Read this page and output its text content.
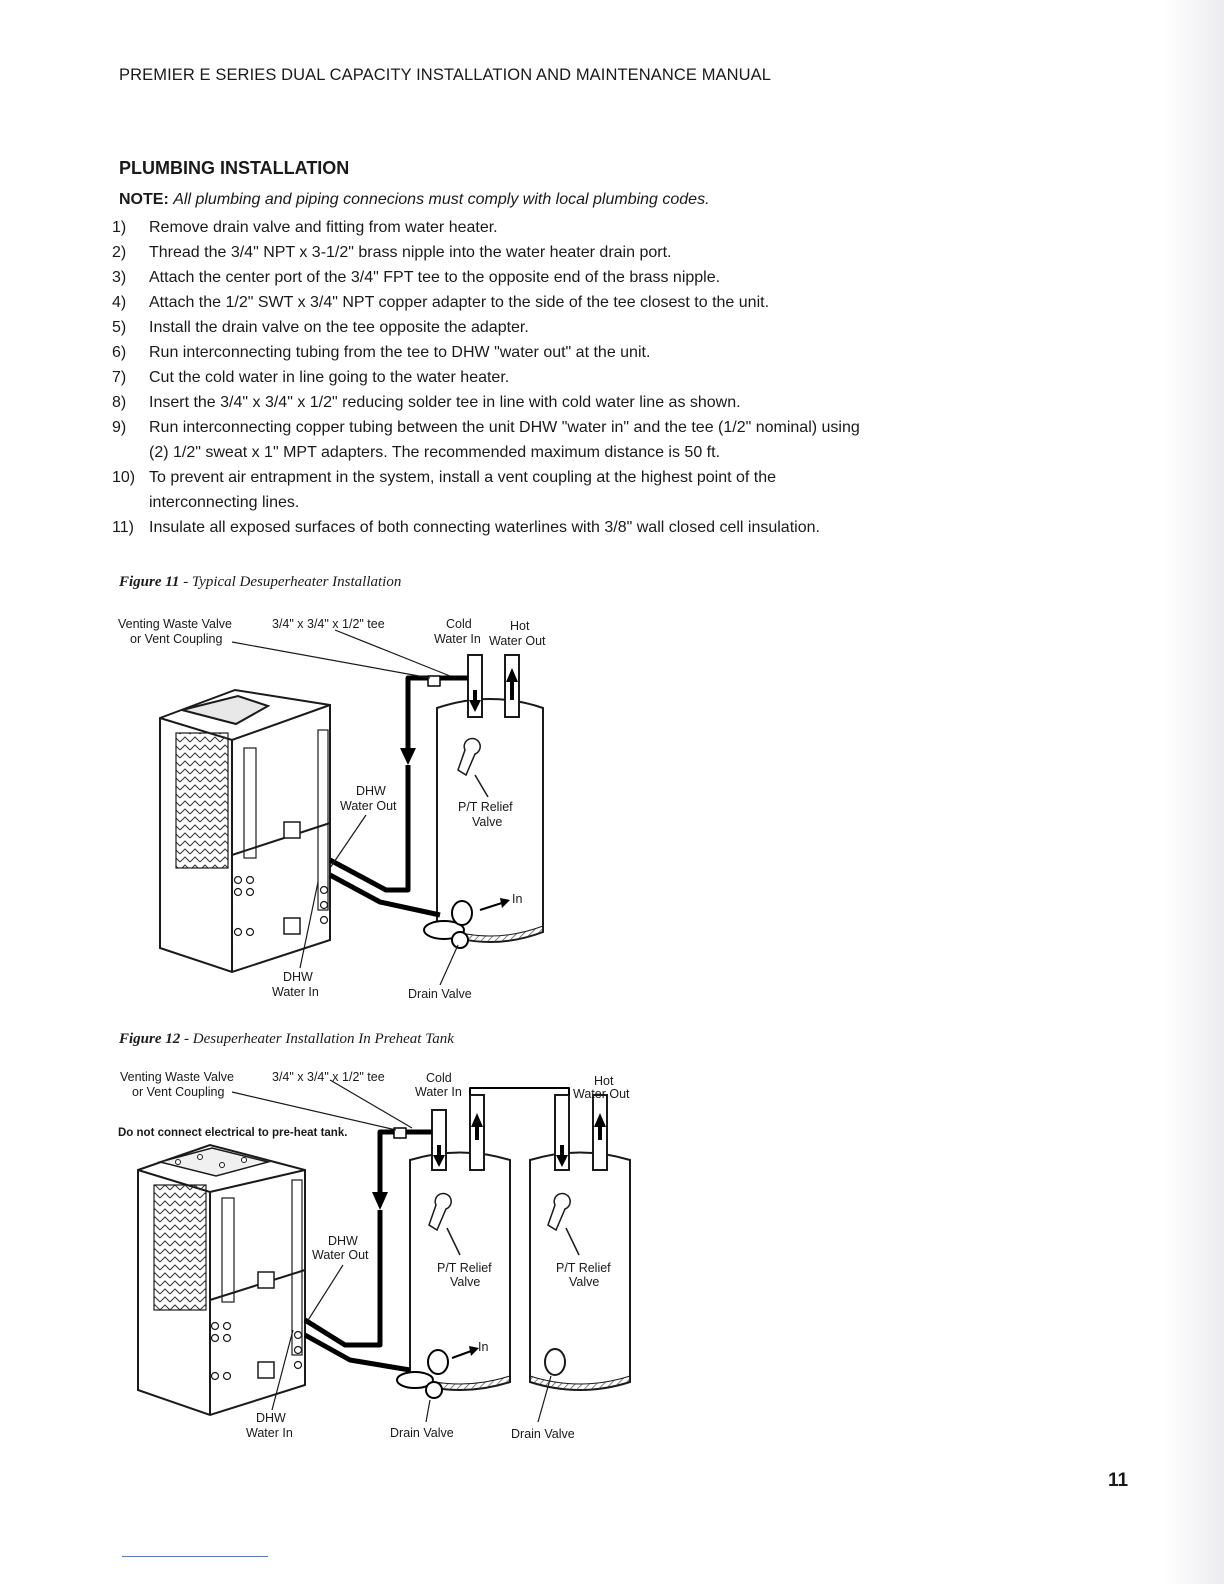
PREMIER E SERIES DUAL CAPACITY INSTALLATION AND MAINTENANCE MANUAL
PLUMBING INSTALLATION
NOTE: All plumbing and piping connecions must comply with local plumbing codes.
1)	Remove drain valve and fitting from water heater.
2)	Thread the 3/4" NPT x 3-1/2" brass nipple into the water heater drain port.
3)	Attach the center port of the 3/4" FPT tee to the opposite end of the brass nipple.
4)	Attach the 1/2" SWT x 3/4" NPT copper adapter to the side of the tee closest to the unit.
5)	Install the drain valve on the tee opposite the adapter.
6)	Run interconnecting tubing from the tee to DHW "water out" at the unit.
7)	Cut the cold water in line going to the water heater.
8)	Insert the 3/4" x 3/4" x 1/2" reducing solder tee in line with cold water line as shown.
9)	Run interconnecting copper tubing between the unit DHW "water in" and the tee (1/2" nominal) using (2) 1/2" sweat x 1" MPT adapters. The recommended maximum distance is 50 ft.
10) To prevent air entrapment in the system, install a vent coupling at the highest point of the interconnecting lines.
11) Insulate all exposed surfaces of both connecting waterlines with 3/8" wall closed cell insulation.
Figure 11 - Typical Desuperheater Installation
Venting Waste Valve
or Vent Coupling
3/4" x 3/4" x 1/2" tee	Cold
Water In
Hot
Water Out
DHW
Water Out	P/T Relief
Valve
In
DHW
Water In	Drain Valve
Figure 12 - Desuperheater Installation In Preheat Tank
Venting Waste Valve
or Vent Coupling
3/4" x 3/4" x 1/2" tee	Cold
Water In
Hot
Water Out
Do not connect electrical to pre-heat tank.
DHW
Water Out
P/T Relief
Valve
P/T Relief
Valve
In
DHW
Water In	Drain Valve	Drain Valve
11
